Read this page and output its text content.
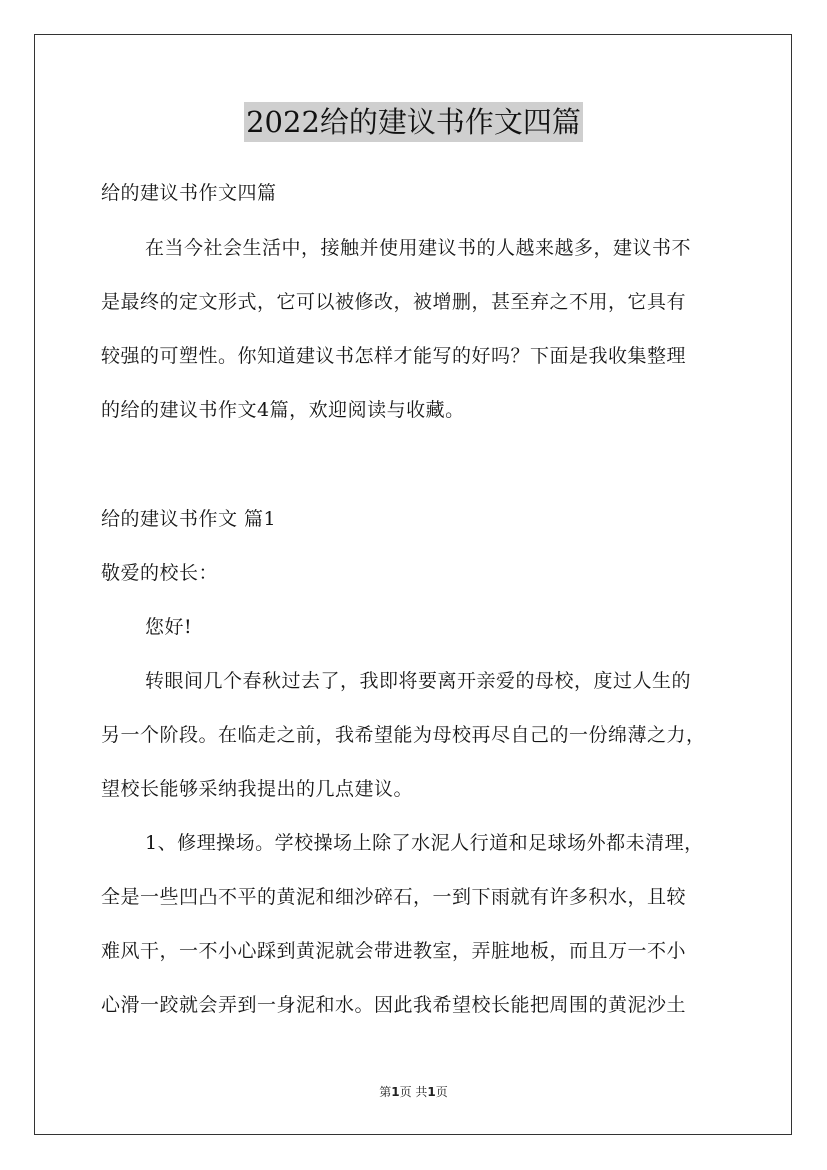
2022给的建议书作文四篇
给的建议书作文四篇
在当今社会生活中，接触并使用建议书的人越来越多，建议书不
是最终的定文形式，它可以被修改，被增删，甚至弃之不用，它具有
较强的可塑性。你知道建议书怎样才能写的好吗？下面是我收集整理
的给的建议书作文4篇，欢迎阅读与收藏。
给的建议书作文 篇1
敬爱的校长：
您好!
转眼间几个春秋过去了，我即将要离开亲爱的母校，度过人生的
另一个阶段。在临走之前，我希望能为母校再尽自己的一份绵薄之力，
望校长能够采纳我提出的几点建议。
1、修理操场。学校操场上除了水泥人行道和足球场外都未清理，
全是一些凹凸不平的黄泥和细沙碎石，一到下雨就有许多积水，且较
难风干，一不小心踩到黄泥就会带进教室，弄脏地板，而且万一不小
心滑一跤就会弄到一身泥和水。因此我希望校长能把周围的黄泥沙土
第1页 共1页
